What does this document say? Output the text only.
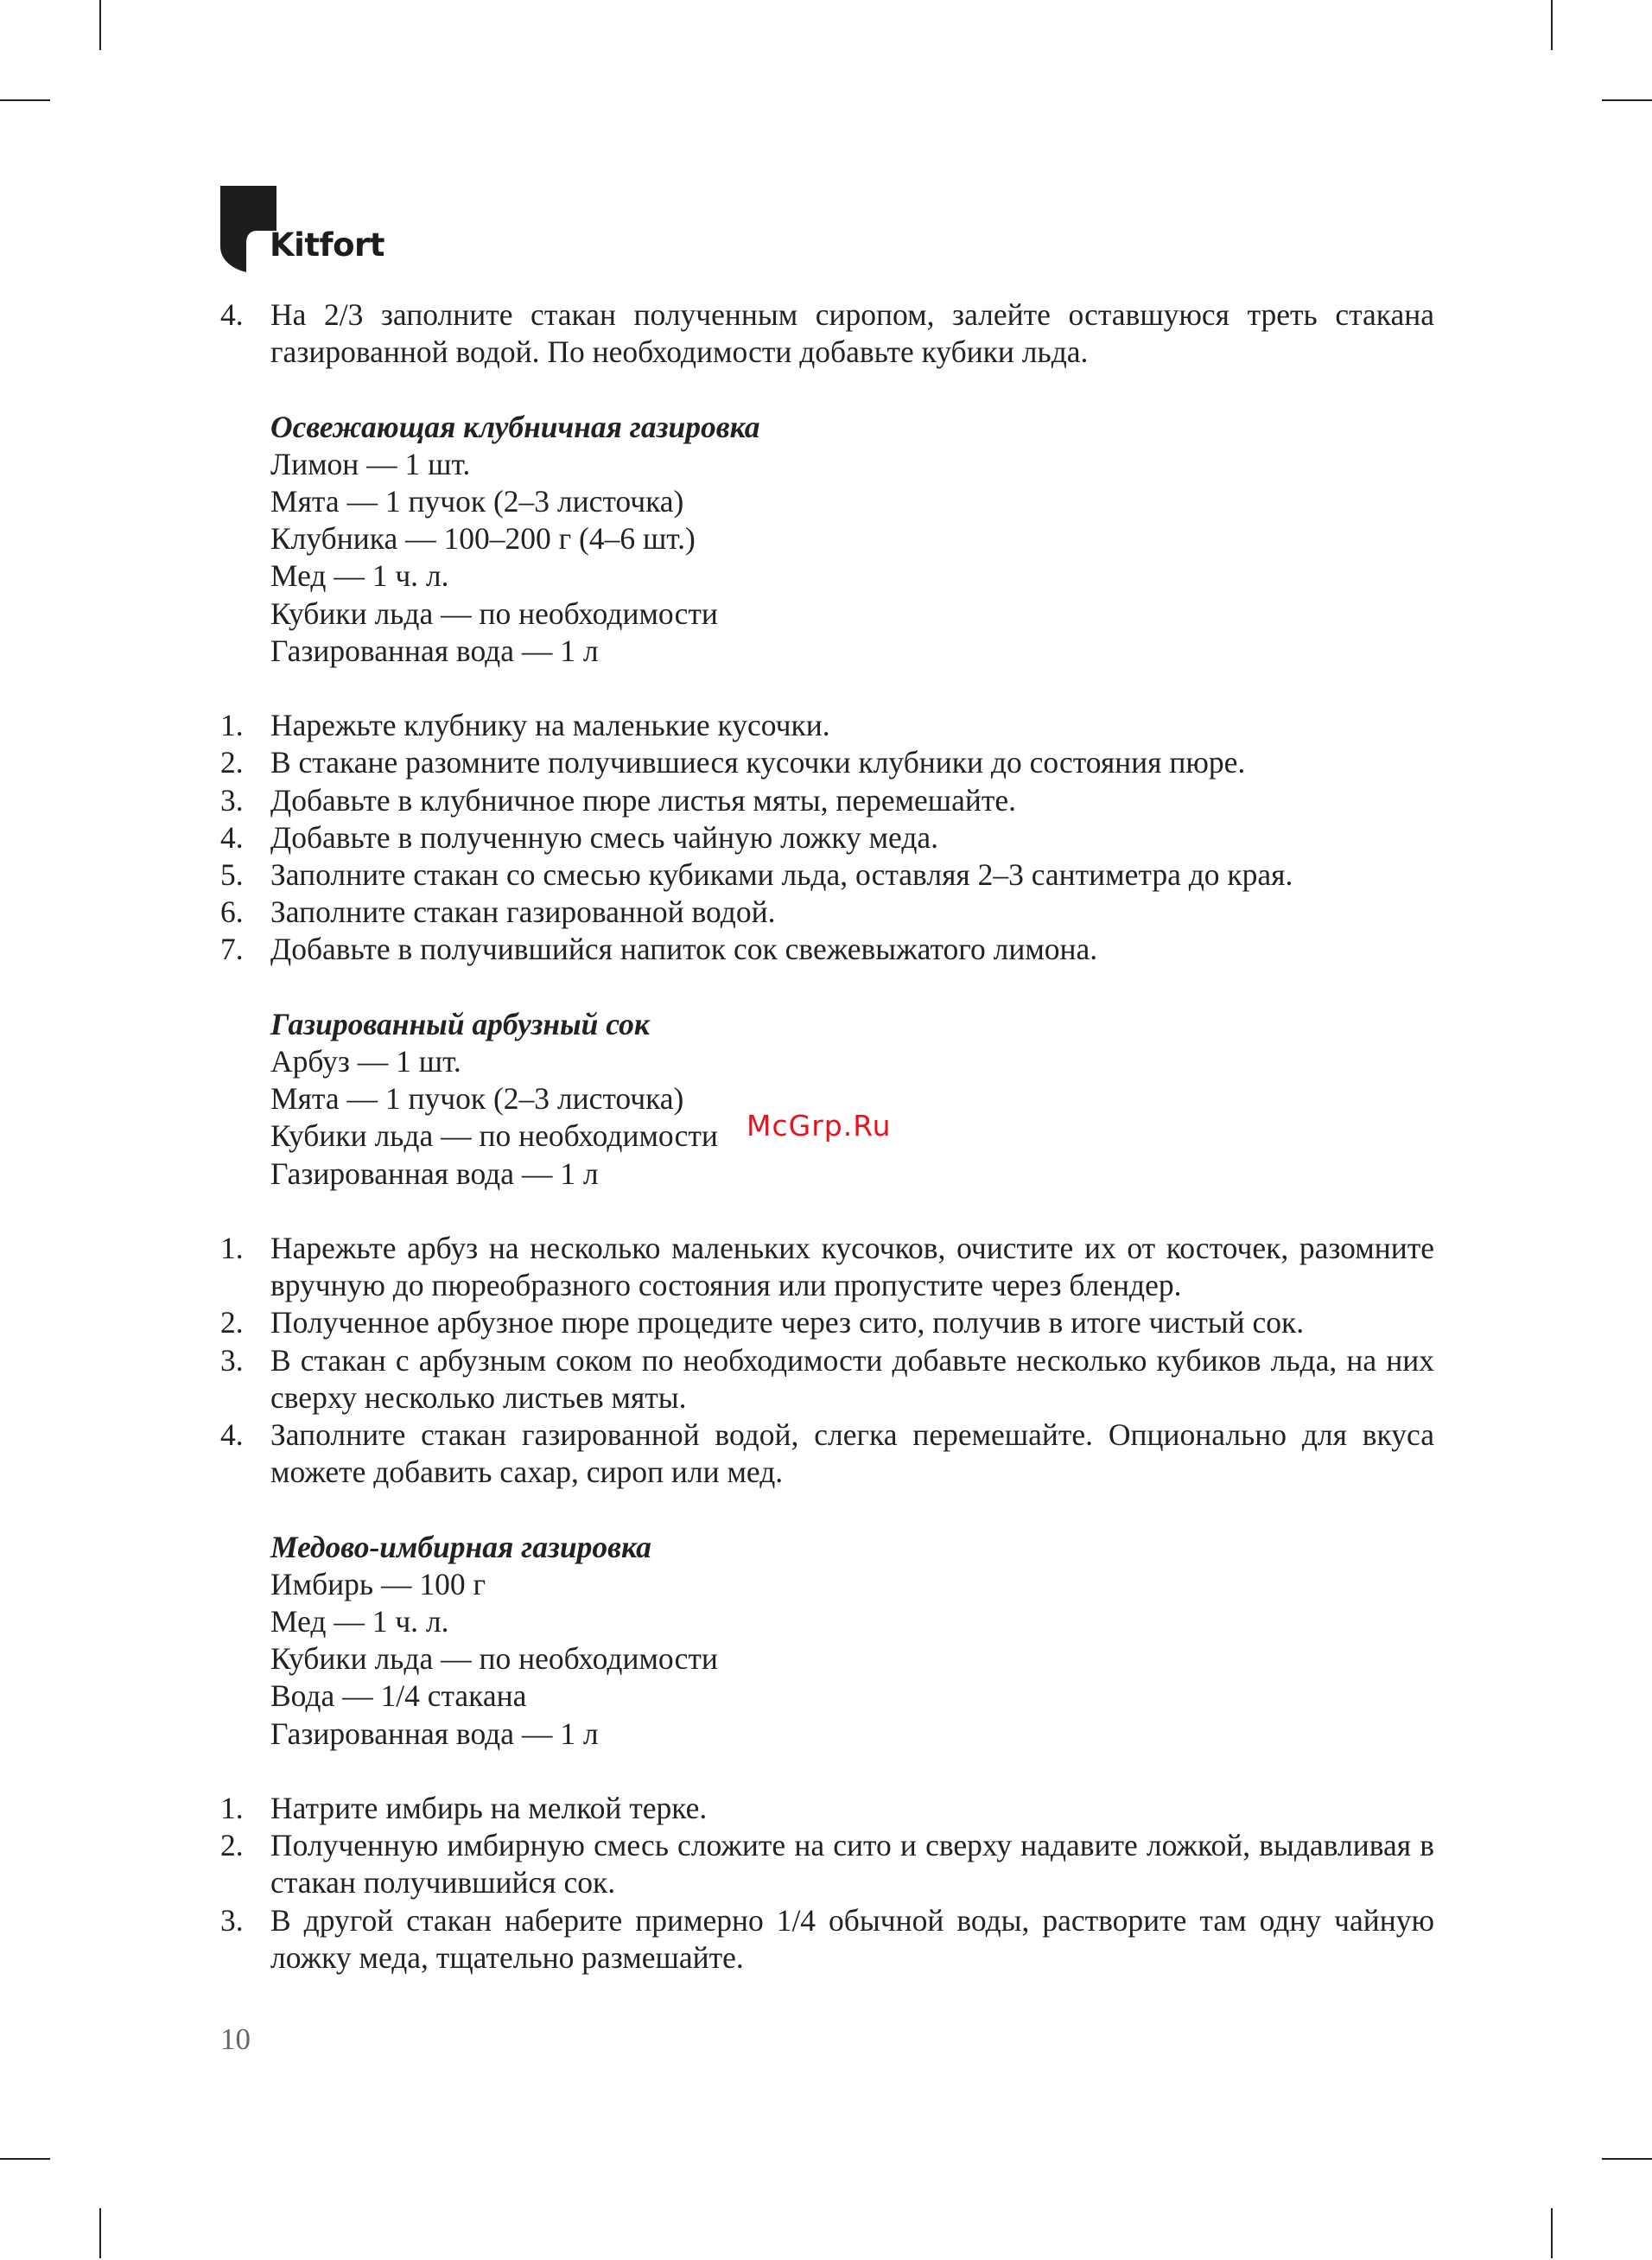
Kitfort
4. На 2/3 заполните стакан полученным сиропом, залейте оставшуюся треть стакана газированной водой. По необходимости добавьте кубики льда.
Освежающая клубничная газировка
Лимон — 1 шт.
Мята — 1 пучок (2–3 листочка)
Клубника — 100–200 г (4–6 шт.)
Мед — 1 ч. л.
Кубики льда — по необходимости
Газированная вода — 1 л
1. Нарежьте клубнику на маленькие кусочки.
2. В стакане разомните получившиеся кусочки клубники до состояния пюре.
3. Добавьте в клубничное пюре листья мяты, перемешайте.
4. Добавьте в полученную смесь чайную ложку меда.
5. Заполните стакан со смесью кубиками льда, оставляя 2–3 сантиметра до края.
6. Заполните стакан газированной водой.
7. Добавьте в получившийся напиток сок свежевыжатого лимона.
Газированный арбузный сок
Арбуз — 1 шт.
Мята — 1 пучок (2–3 листочка)
Кубики льда — по необходимости
Газированная вода — 1 л
1. Нарежьте арбуз на несколько маленьких кусочков, очистите их от косточек, разомните вручную до пюреобразного состояния или пропустите через блендер.
2. Полученное арбузное пюре процедите через сито, получив в итоге чистый сок.
3. В стакан с арбузным соком по необходимости добавьте несколько кубиков льда, на них сверху несколько листьев мяты.
4. Заполните стакан газированной водой, слегка перемешайте. Опционально для вкуса можете добавить сахар, сироп или мед.
Медово-имбирная газировка
Имбирь — 100 г
Мед — 1 ч. л.
Кубики льда — по необходимости
Вода — 1/4 стакана
Газированная вода — 1 л
1. Натрите имбирь на мелкой терке.
2. Полученную имбирную смесь сложите на сито и сверху надавите ложкой, выдавливая в стакан получившийся сок.
3. В другой стакан наберите примерно 1/4 обычной воды, растворите там одну чайную ложку меда, тщательно размешайте.
McGrp.Ru
10
